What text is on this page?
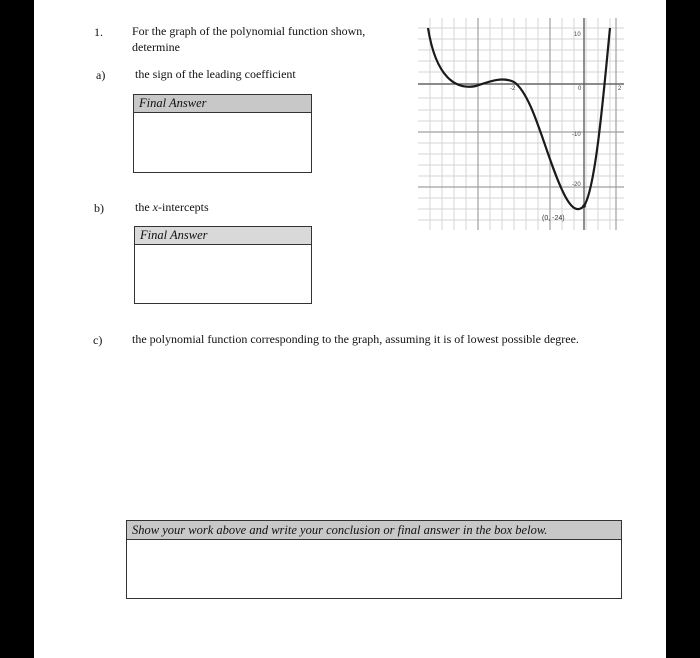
1. For the graph of the polynomial function shown,
determine
a) the sign of the leading coefficient
Final Answer
b)	the x-intercepts
Final Answer
c) the polynomial function corresponding to the graph, assuming it is of lowest possible degree.
Show your work above and write your conclusion or final answer in the box below.
10
-2	0	2
-10
-20
(0, -24)
